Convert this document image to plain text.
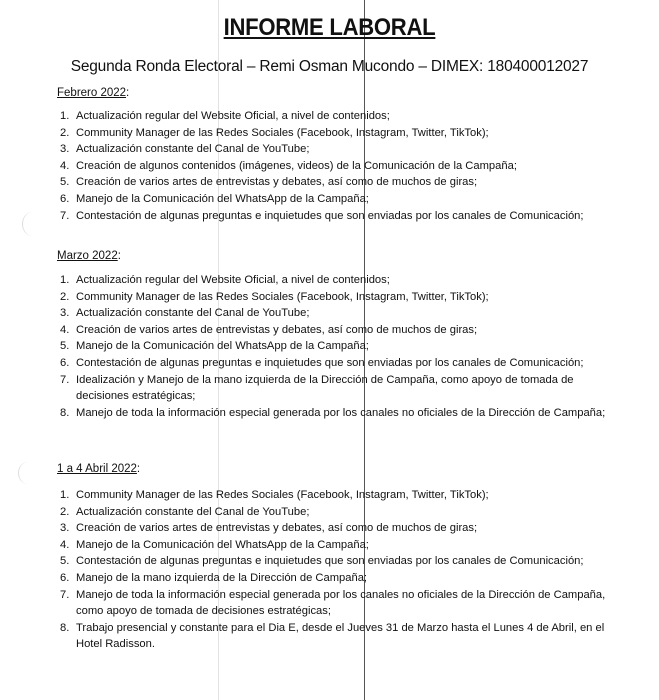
INFORME LABORAL
Segunda Ronda Electoral – Remi Osman Mucondo – DIMEX: 180400012027
Febrero 2022:
1. Actualización regular del Website Oficial, a nivel de contenidos;
2. Community Manager de las Redes Sociales (Facebook, Instagram, Twitter, TikTok);
3. Actualización constante del Canal de YouTube;
4. Creación de algunos contenidos (imágenes, videos) de la Comunicación de la Campaña;
5. Creación de varios artes de entrevistas y debates, así como de muchos de giras;
6. Manejo de la Comunicación del WhatsApp de la Campaña;
7. Contestación de algunas preguntas e inquietudes que son enviadas por los canales de Comunicación;
Marzo 2022:
1. Actualización regular del Website Oficial, a nivel de contenidos;
2. Community Manager de las Redes Sociales (Facebook, Instagram, Twitter, TikTok);
3. Actualización constante del Canal de YouTube;
4. Creación de varios artes de entrevistas y debates, así como de muchos de giras;
5. Manejo de la Comunicación del WhatsApp de la Campaña;
6. Contestación de algunas preguntas e inquietudes que son enviadas por los canales de Comunicación;
7. Idealización y Manejo de la mano izquierda de la Dirección de Campaña, como apoyo de tomada de decisiones estratégicas;
8. Manejo de toda la información especial generada por los canales no oficiales de la Dirección de Campaña;
1 a 4 Abril 2022:
1. Community Manager de las Redes Sociales (Facebook, Instagram, Twitter, TikTok);
2. Actualización constante del Canal de YouTube;
3. Creación de varios artes de entrevistas y debates, así como de muchos de giras;
4. Manejo de la Comunicación del WhatsApp de la Campaña;
5. Contestación de algunas preguntas e inquietudes que son enviadas por los canales de Comunicación;
6. Manejo de la mano izquierda de la Dirección de Campaña;
7. Manejo de toda la información especial generada por los canales no oficiales de la Dirección de Campaña, como apoyo de tomada de decisiones estratégicas;
8. Trabajo presencial y constante para el Dia E, desde el Jueves 31 de Marzo hasta el Lunes 4 de Abril, en el Hotel Radisson.
